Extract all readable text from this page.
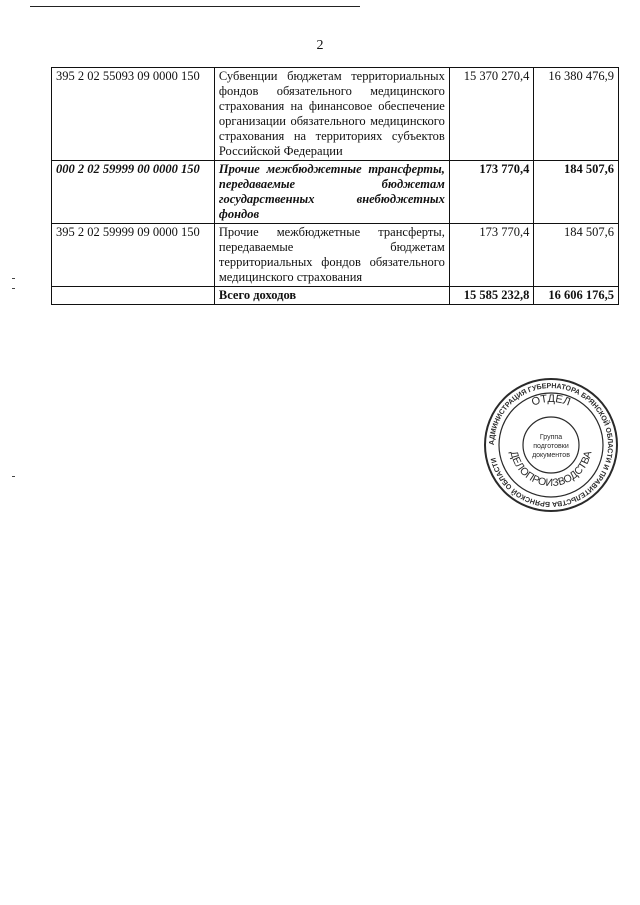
2
395 2 02 55093 09 0000 150	Субвенции бюджетам территориальных фондов обязательного медицинского страхования на финансовое обеспечение организации обязательного медицинского страхования на территориях субъектов Российской Федерации	15 370 270,4	16 380 476,9
000 2 02 59999 00 0000 150	Прочие межбюджетные трансферты, передаваемые бюджетам государственных внебюджетных фондов	173 770,4	184 507,6
395 2 02 59999 09 0000 150	Прочие межбюджетные трансферты, передаваемые бюджетам территориальных фондов обязательного медицинского страхования	173 770,4	184 507,6
	Всего доходов	15 585 232,8	16 606 176,5
АДМИНИСТРАЦИЯ ГУБЕРНАТОРА БРЯНСКОЙ ОБЛАСТИ И ПРАВИТЕЛЬСТВА БРЯНСКОЙ ОБЛАСТИ
ОТДЕЛ
ДЕЛОПРОИЗВОДСТВА
Группа
подготовки
документов
